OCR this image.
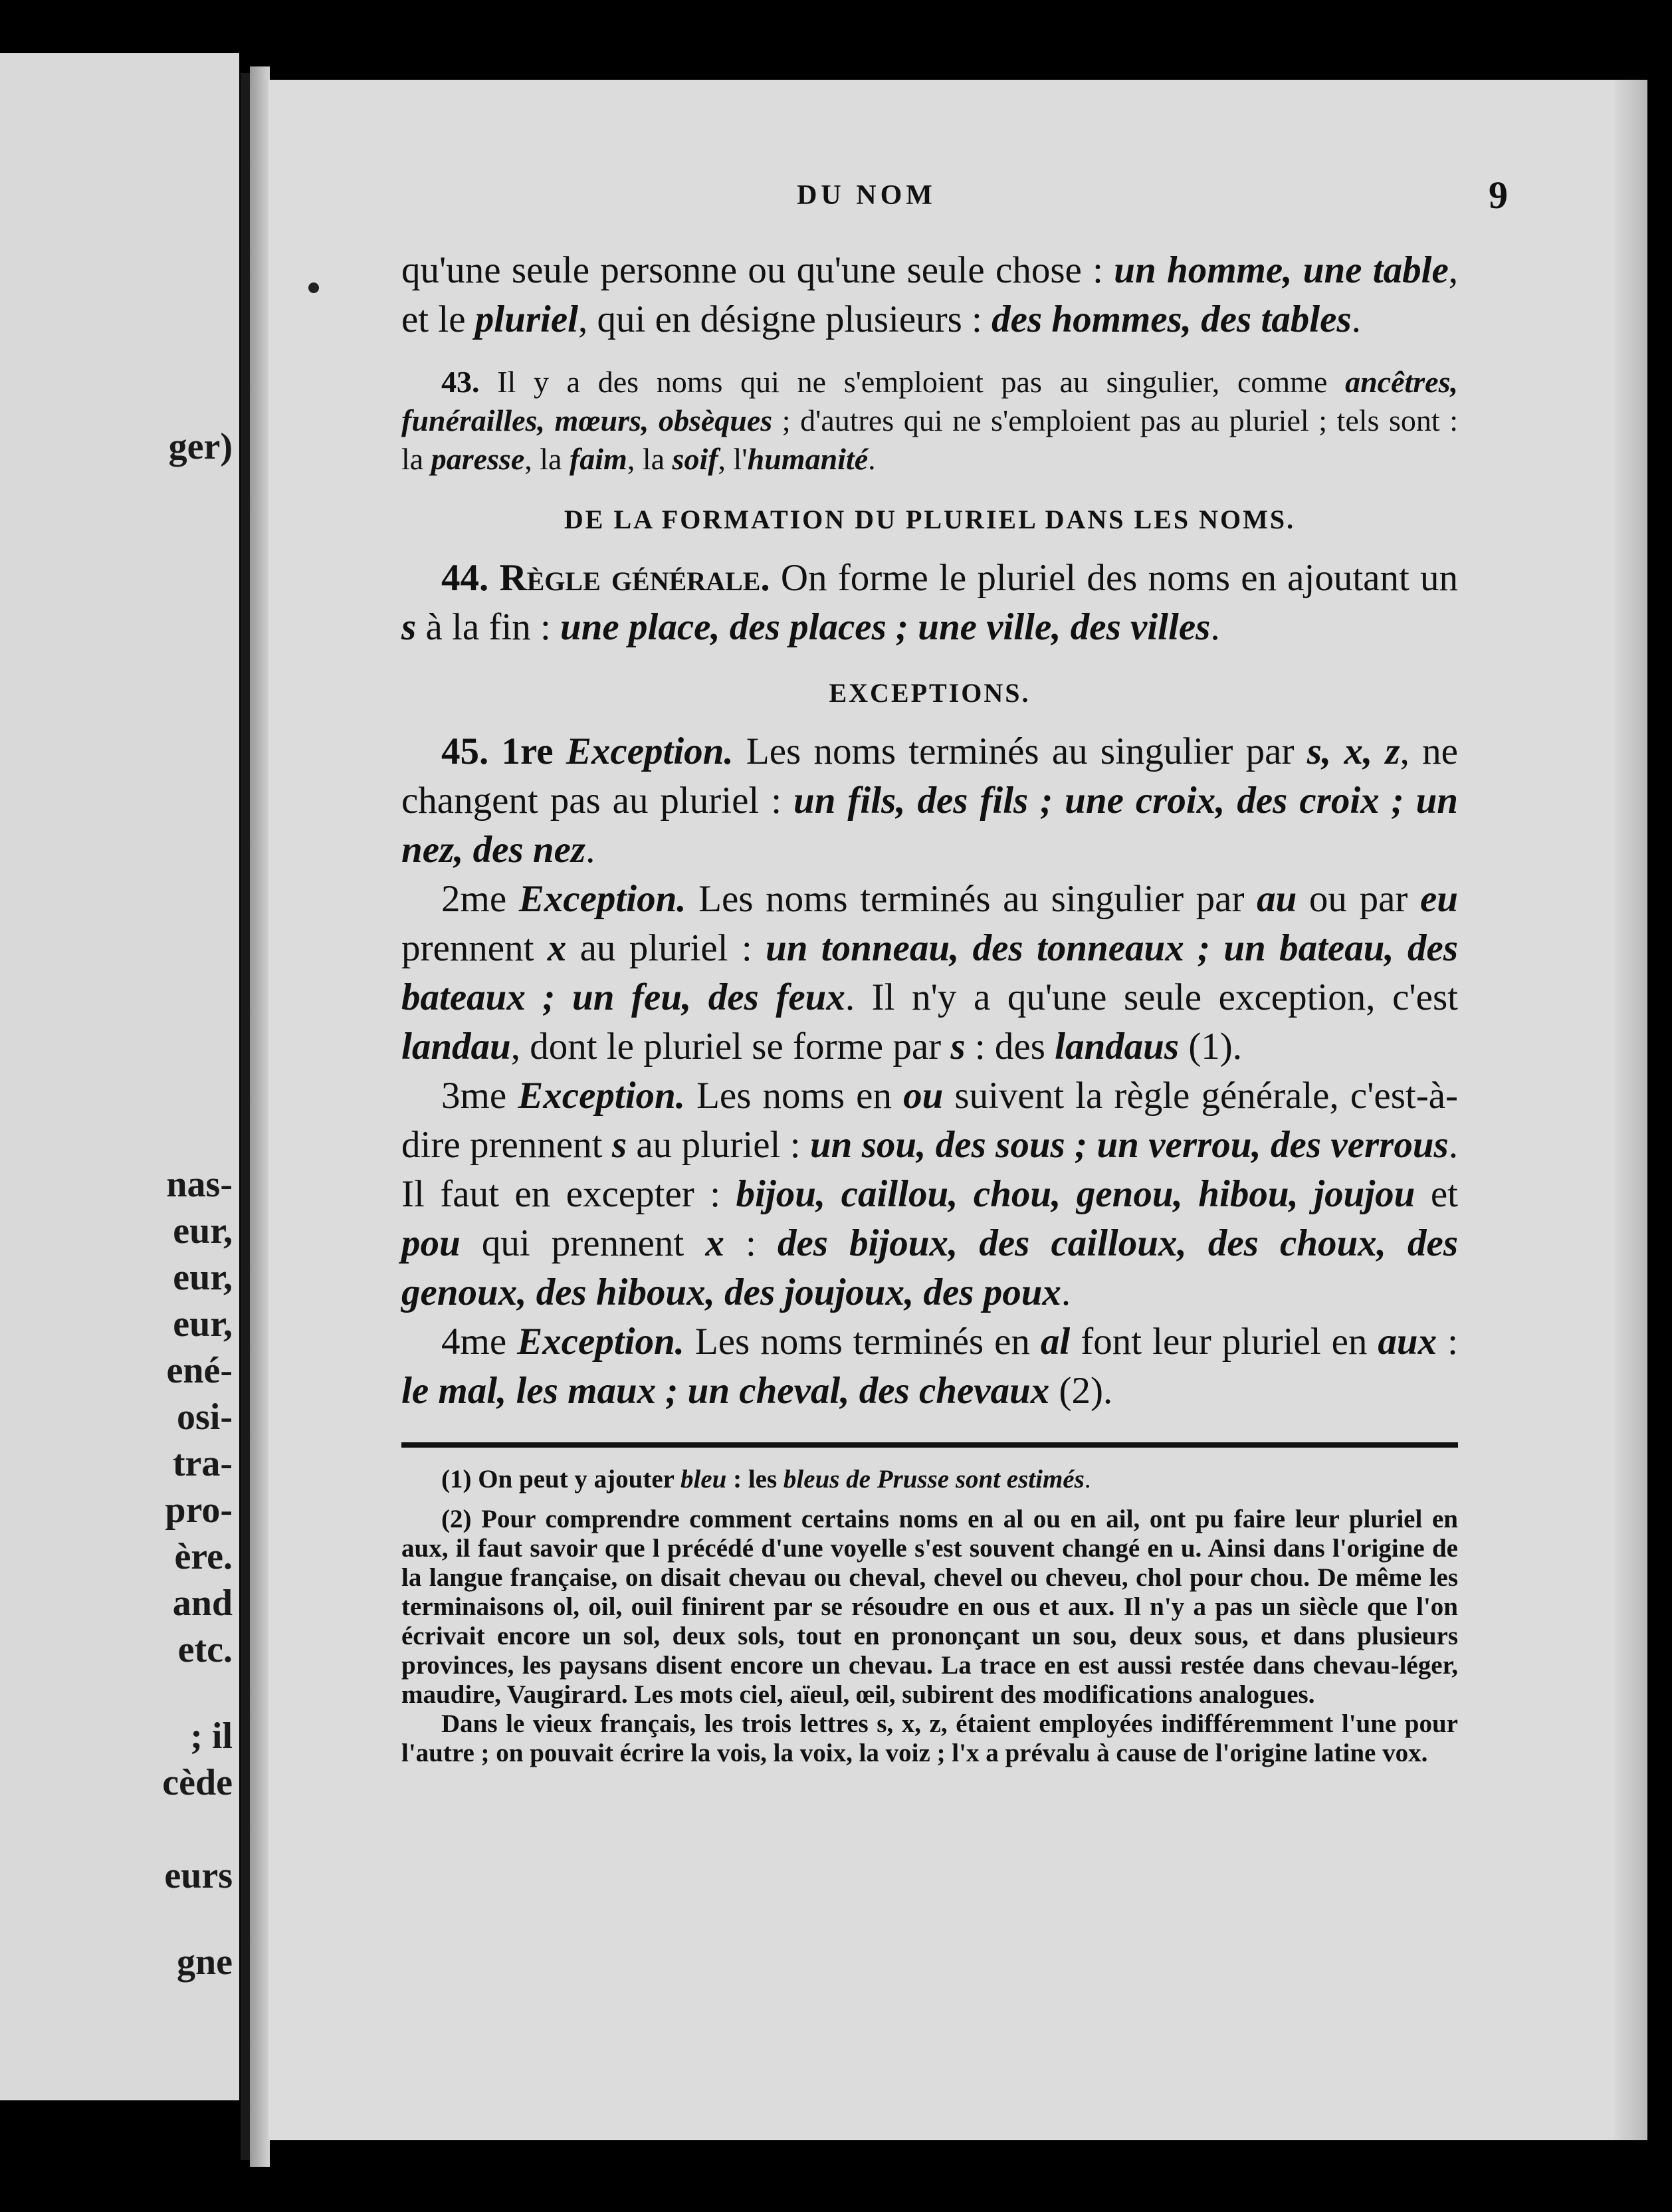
ger)
nas-
eur,
eur,
eur,
ené-
osi-
tra-
pro-
ère.
and
etc.
; il
cède
eurs
gne
DU NOM	9

qu'une seule personne ou qu'une seule chose : un homme, une table, et le pluriel, qui en désigne plusieurs : des hommes, des tables.

43. Il y a des noms qui ne s'emploient pas au singulier, comme ancêtres, funérailles, mœurs, obsèques ; d'autres qui ne s'emploient pas au pluriel ; tels sont : la paresse, la faim, la soif, l'humanité.

DE LA FORMATION DU PLURIEL DANS LES NOMS.

44. Règle générale. On forme le pluriel des noms en ajoutant un s à la fin : une place, des places ; une ville, des villes.

EXCEPTIONS.

45. 1re Exception. Les noms terminés au singulier par s, x, z, ne changent pas au pluriel : un fils, des fils ; une croix, des croix ; un nez, des nez.

2me Exception. Les noms terminés au singulier par au ou par eu prennent x au pluriel : un tonneau, des tonneaux ; un bateau, des bateaux ; un feu, des feux. Il n'y a qu'une seule exception, c'est landau, dont le pluriel se forme par s : des landaus (1).

3me Exception. Les noms en ou suivent la règle générale, c'est-à-dire prennent s au pluriel : un sou, des sous ; un verrou, des verrous. Il faut en excepter : bijou, caillou, chou, genou, hibou, joujou et pou qui prennent x : des bijoux, des cailloux, des choux, des genoux, des hiboux, des joujoux, des poux.

4me Exception. Les noms terminés en al font leur pluriel en aux : le mal, les maux ; un cheval, des chevaux (2).

(1) On peut y ajouter bleu : les bleus de Prusse sont estimés.

(2) Pour comprendre comment certains noms en al ou en ail, ont pu faire leur pluriel en aux, il faut savoir que l précédé d'une voyelle s'est souvent changé en u. Ainsi dans l'origine de la langue française, on disait chevau ou cheval, chevel ou cheveu, chol pour chou. De même les terminaisons ol, oil, ouil finirent par se résoudre en ous et aux. Il n'y a pas un siècle que l'on écrivait encore un sol, deux sols, tout en prononçant un sou, deux sous, et dans plusieurs provinces, les paysans disent encore un chevau. La trace en est aussi restée dans chevau-léger, maudire, Vaugirard. Les mots ciel, aïeul, œil, subirent des modifications analogues.

Dans le vieux français, les trois lettres s, x, z, étaient employées indifféremment l'une pour l'autre ; on pouvait écrire la vois, la voix, la voiz ; l'x a prévalu à cause de l'origine latine vox.
